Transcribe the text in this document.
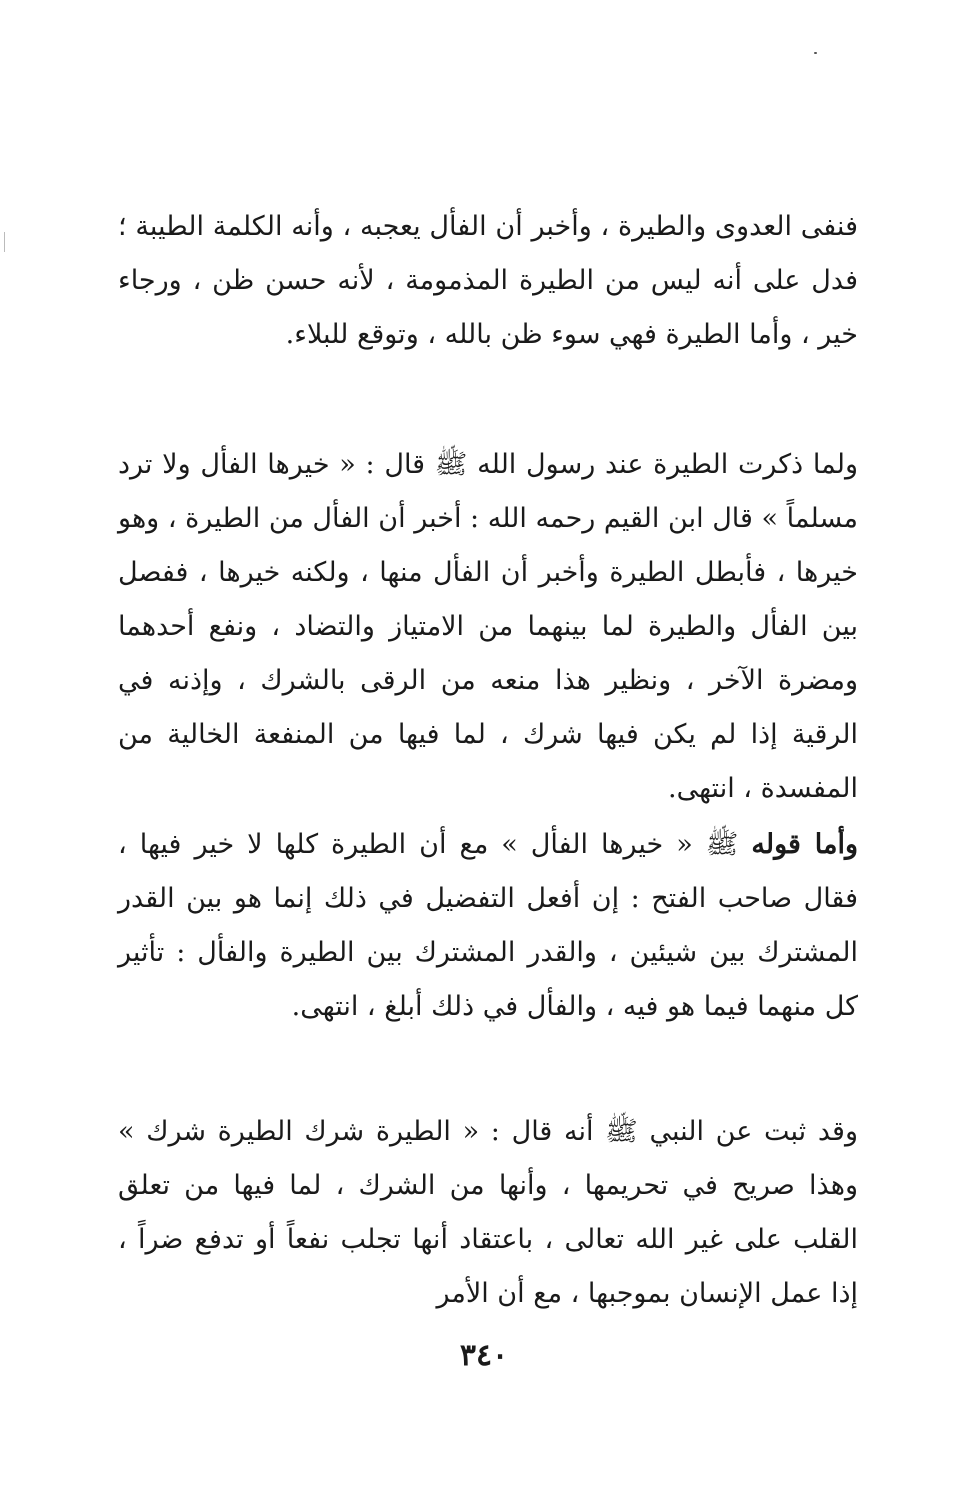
فنفى العدوى والطيرة ، وأخبر أن الفأل يعجبه ، وأنه الكلمة الطيبة ؛ فدل على أنه ليس من الطيرة المذمومة ، لأنه حسن ظن ، ورجاء خير ، وأما الطيرة فهي سوء ظن بالله ، وتوقع للبلاء.

ولما ذكرت الطيرة عند رسول الله ﷺ قال : « خيرها الفأل ولا ترد مسلماً » قال ابن القيم رحمه الله : أخبر أن الفأل من الطيرة ، وهو خيرها ، فأبطل الطيرة وأخبر أن الفأل منها ، ولكنه خيرها ، ففصل بين الفأل والطيرة لما بينهما من الامتياز والتضاد ، ونفع أحدهما ومضرة الآخر ، ونظير هذا منعه من الرقى بالشرك ، وإذنه في الرقية إذا لم يكن فيها شرك ، لما فيها من المنفعة الخالية من المفسدة ، انتهى.

وأما قوله ﷺ « خيرها الفأل » مع أن الطيرة كلها لا خير فيها ، فقال صاحب الفتح : إن أفعل التفضيل في ذلك إنما هو بين القدر المشترك بين شيئين ، والقدر المشترك بين الطيرة والفأل : تأثير كل منهما فيما هو فيه ، والفأل في ذلك أبلغ ، انتهى.

وقد ثبت عن النبي ﷺ أنه قال : « الطيرة شرك الطيرة شرك » وهذا صريح في تحريمها ، وأنها من الشرك ، لما فيها من تعلق القلب على غير الله تعالى ، باعتقاد أنها تجلب نفعاً أو تدفع ضراً ، إذا عمل الإنسان بموجبها ، مع أن الأمر

٣٤٠
